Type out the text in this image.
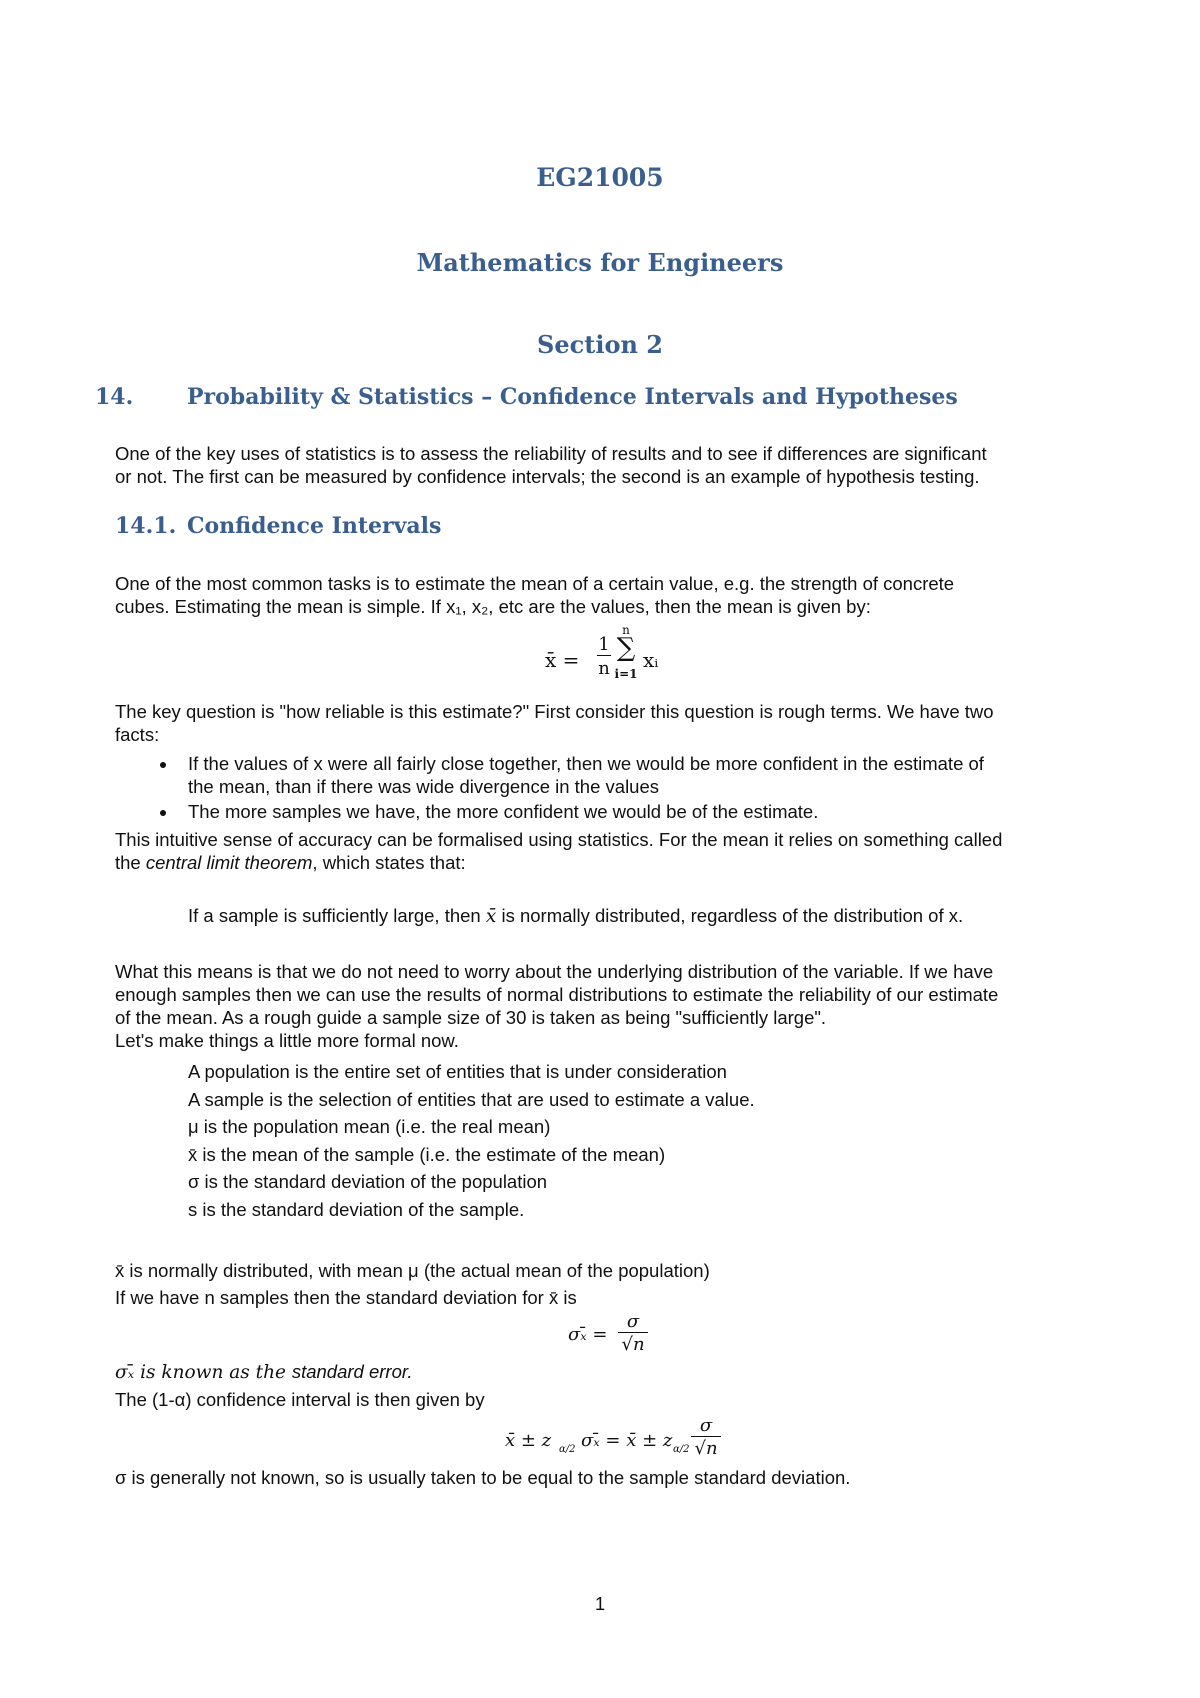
EG21005
Mathematics for Engineers
Section 2
14. Probability & Statistics – Confidence Intervals and Hypotheses
One of the key uses of statistics is to assess the reliability of results and to see if differences are significant
or not. The first can be measured by confidence intervals; the second is an example of hypothesis testing.
14.1. Confidence Intervals
One of the most common tasks is to estimate the mean of a certain value, e.g. the strength of concrete
cubes. Estimating the mean is simple. If x₁, x₂, etc are the values, then the mean is given by:
x̄ =
1
n
n
∑
i=1
xᵢ
The key question is "how reliable is this estimate?" First consider this question is rough terms. We have two
facts:
If the values of x were all fairly close together, then we would be more confident in the estimate of
the mean, than if there was wide divergence in the values
The more samples we have, the more confident we would be of the estimate.
This intuitive sense of accuracy can be formalised using statistics. For the mean it relies on something called
the central limit theorem, which states that:
If a sample is sufficiently large, then x̄ is normally distributed, regardless of the distribution of x.
What this means is that we do not need to worry about the underlying distribution of the variable. If we have
enough samples then we can use the results of normal distributions to estimate the reliability of our estimate
of the mean. As a rough guide a sample size of 30 is taken as being "sufficiently large".
Let's make things a little more formal now.
A population is the entire set of entities that is under consideration
A sample is the selection of entities that are used to estimate a value.
μ is the population mean (i.e. the real mean)
x̄ is the mean of the sample (i.e. the estimate of the mean)
σ is the standard deviation of the population
s is the standard deviation of the sample.
x̄ is normally distributed, with mean μ (the actual mean of the population)
If we have n samples then the standard deviation for x̄ is
σₓ̄ =
σ
√n
σₓ̄ is known as the standard error.
The (1-α) confidence interval is then given by
x̄ ± z α/2 σₓ̄ = x̄ ± z α/2
σ
√n
σ is generally not known, so is usually taken to be equal to the sample standard deviation.
1
